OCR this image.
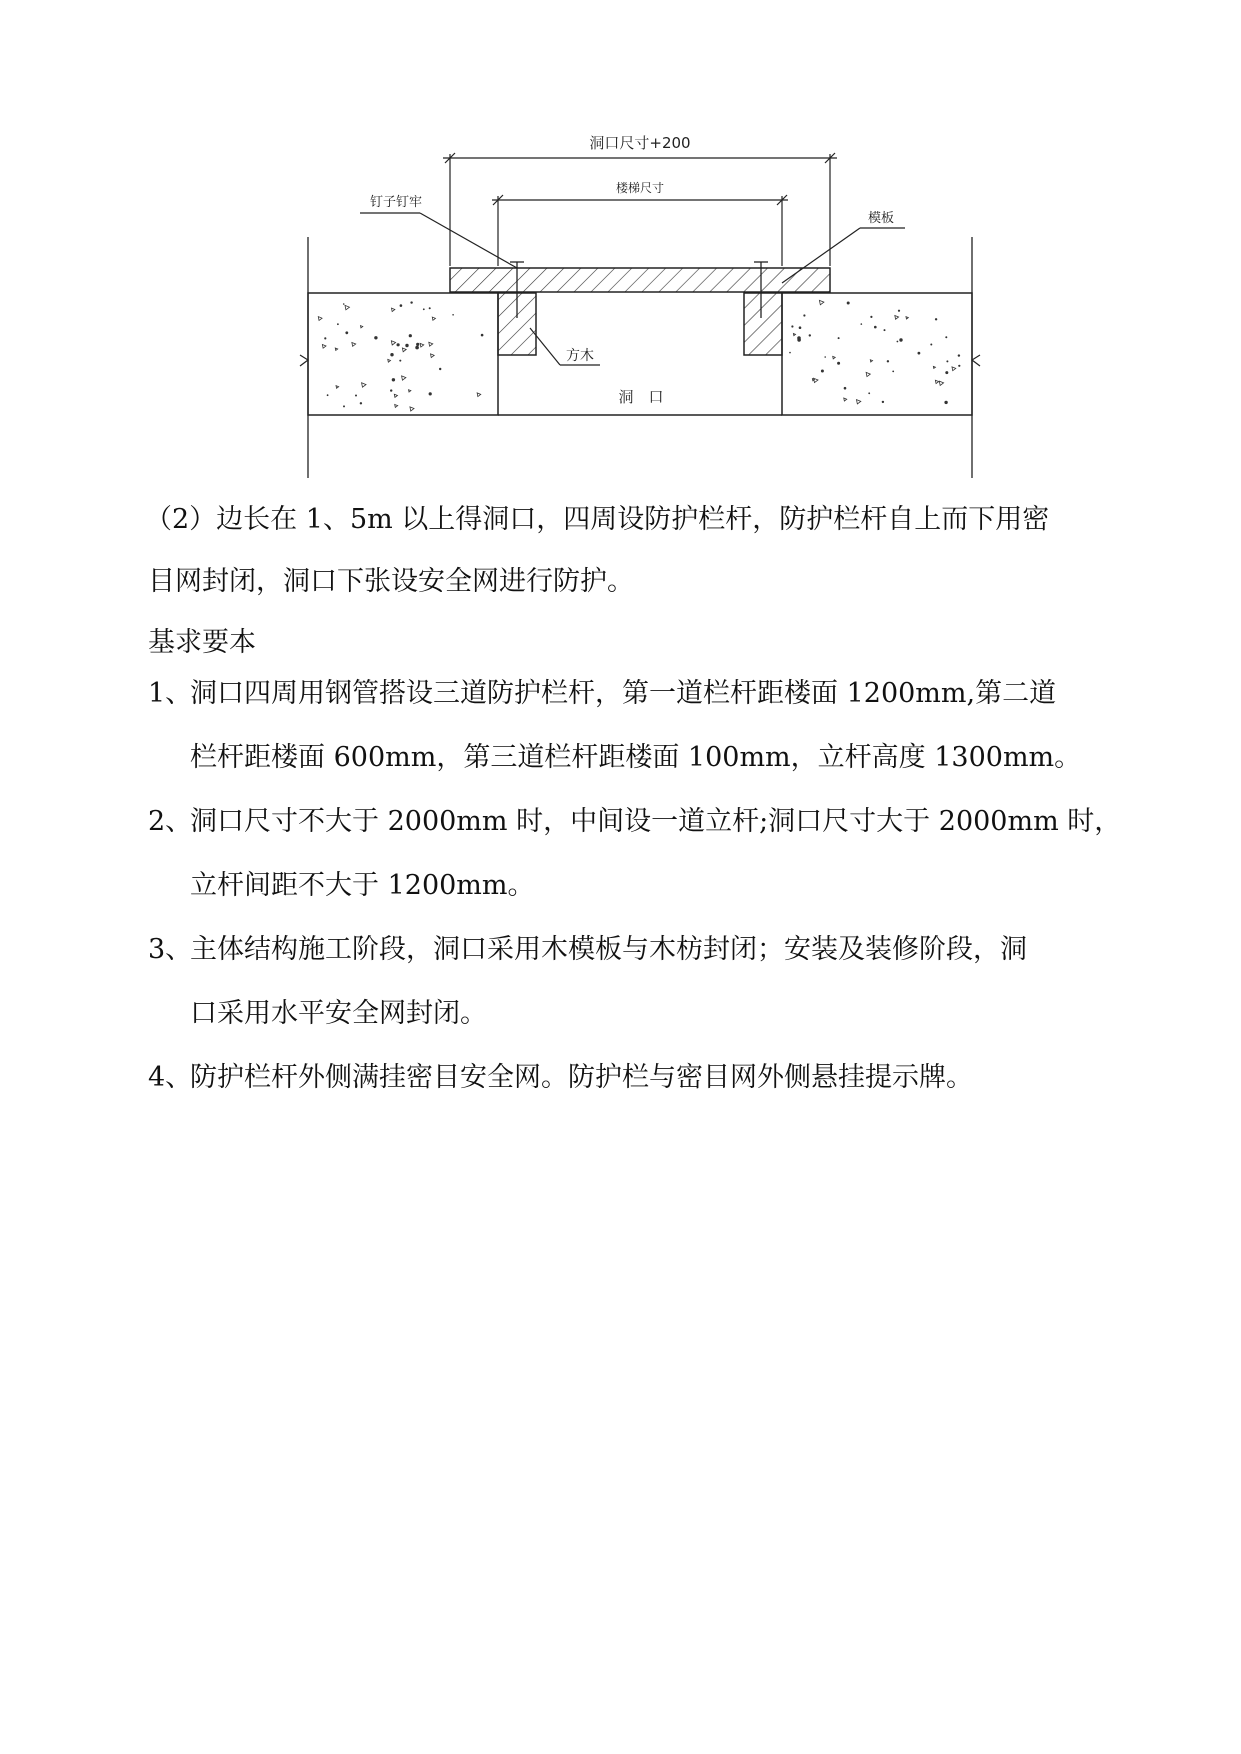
洞口尺寸+200
楼梯尺寸
钉子钉牢
模板
方木
洞　口
（2）边长在 1、5m 以上得洞口，四周设防护栏杆，防护栏杆自上而下用密
目网封闭，洞口下张设安全网进行防护。
基求要本
1、
洞口四周用钢管搭设三道防护栏杆，第一道栏杆距楼面 1200mm,第二道
栏杆距楼面 600mm，第三道栏杆距楼面 100mm，立杆高度 1300mm。
2、
洞口尺寸不大于 2000mm 时，中间设一道立杆;洞口尺寸大于 2000mm 时，
立杆间距不大于 1200mm。
3、
主体结构施工阶段，洞口采用木模板与木枋封闭；安装及装修阶段，洞
口采用水平安全网封闭。
4、
防护栏杆外侧满挂密目安全网。防护栏与密目网外侧悬挂提示牌。
